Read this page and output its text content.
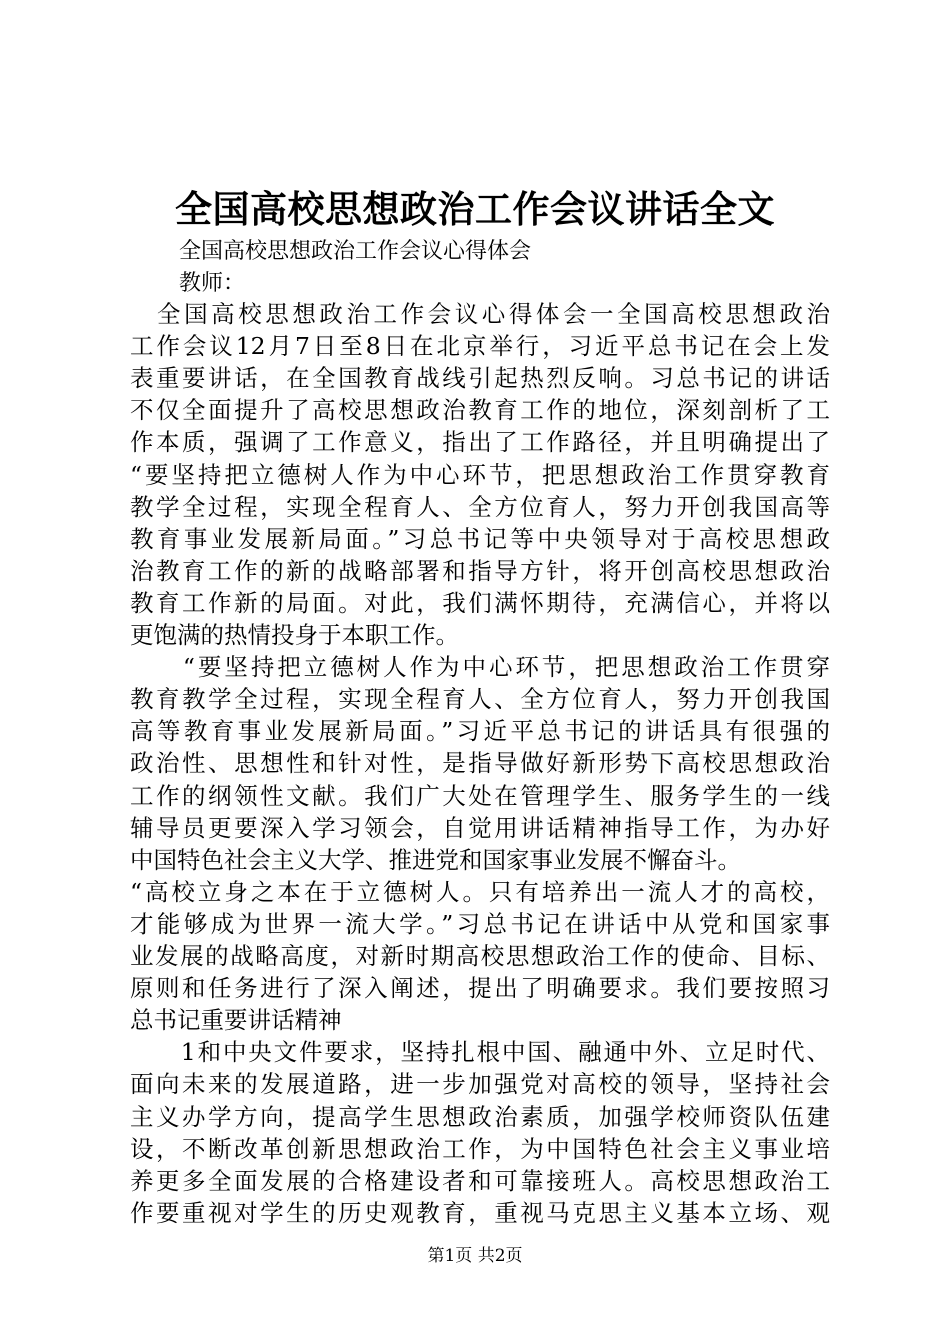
全国高校思想政治工作会议讲话全文
全国高校思想政治工作会议心得体会
教师：
　全国高校思想政治工作会议心得体会一全国高校思想政治
工作会议12月7日至8日在北京举行，习近平总书记在会上发
表重要讲话，在全国教育战线引起热烈反响。习总书记的讲话
不仅全面提升了高校思想政治教育工作的地位，深刻剖析了工
作本质，强调了工作意义，指出了工作路径，并且明确提出了
“要坚持把立德树人作为中心环节，把思想政治工作贯穿教育
教学全过程，实现全程育人、全方位育人，努力开创我国高等
教育事业发展新局面。”习总书记等中央领导对于高校思想政
治教育工作的新的战略部署和指导方针，将开创高校思想政治
教育工作新的局面。对此，我们满怀期待，充满信心，并将以
更饱满的热情投身于本职工作。
　　“要坚持把立德树人作为中心环节，把思想政治工作贯穿
教育教学全过程，实现全程育人、全方位育人，努力开创我国
高等教育事业发展新局面。”习近平总书记的讲话具有很强的
政治性、思想性和针对性，是指导做好新形势下高校思想政治
工作的纲领性文献。我们广大处在管理学生、服务学生的一线
辅导员更要深入学习领会，自觉用讲话精神指导工作，为办好
中国特色社会主义大学、推进党和国家事业发展不懈奋斗。
“高校立身之本在于立德树人。只有培养出一流人才的高校，
才能够成为世界一流大学。”习总书记在讲话中从党和国家事
业发展的战略高度，对新时期高校思想政治工作的使命、目标、
原则和任务进行了深入阐述，提出了明确要求。我们要按照习
总书记重要讲话精神
　　1和中央文件要求，坚持扎根中国、融通中外、立足时代、
面向未来的发展道路，进一步加强党对高校的领导，坚持社会
主义办学方向，提高学生思想政治素质，加强学校师资队伍建
设，不断改革创新思想政治工作，为中国特色社会主义事业培
养更多全面发展的合格建设者和可靠接班人。高校思想政治工
作要重视对学生的历史观教育，重视马克思主义基本立场、观
第1页 共2页
